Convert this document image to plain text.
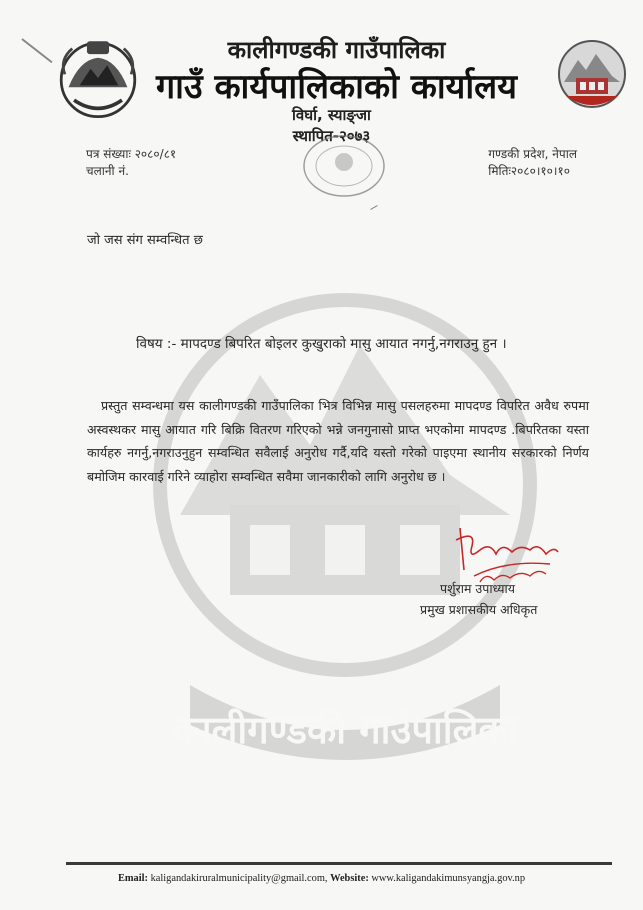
कालीगण्डकी गाउँपालिका
गाउँ कार्यपालिकाको कार्यालय
विर्घा, स्याङ्जा
स्थापित-२०७३
पत्र संख्याः २०८०/८१
चलानी नं.
गण्डकी प्रदेश, नेपाल
मितिः२०८०।१०।१०
जो जस संग सम्वन्धित छ
कालीगण्डकी गाउँपालिका
विषय :- मापदण्ड बिपरित बोइलर कुखुराको मासु आयात नगर्नु,नगराउनु हुन ।
प्रस्तुत सम्वन्धमा यस कालीगण्डकी गाउँपालिका भित्र विभिन्न मासु पसलहरुमा मापदण्ड विपरित अवैध रुपमा अस्वस्थकर मासु आयात गरि बिक्रि वितरण गरिएको भन्ने जनगुनासो प्राप्त भएकोमा मापदण्ड .बिपरितका यस्ता कार्यहरु नगर्नु,नगराउनुहुन सम्वन्धित सवैलाई अनुरोध गर्दै,यदि यस्तो गरेको पाइएमा स्थानीय सरकारको निर्णय बमोजिम कारवाई गरिने व्याहोरा सम्वन्धित सवैमा जानकारीको लागि अनुरोध छ ।
पर्शुराम उपाध्याय
प्रमुख प्रशासकीय अधिकृत
Email: kaligandakiruralmunicipality@gmail.com, Website: www.kaligandakimunsyangja.gov.np
